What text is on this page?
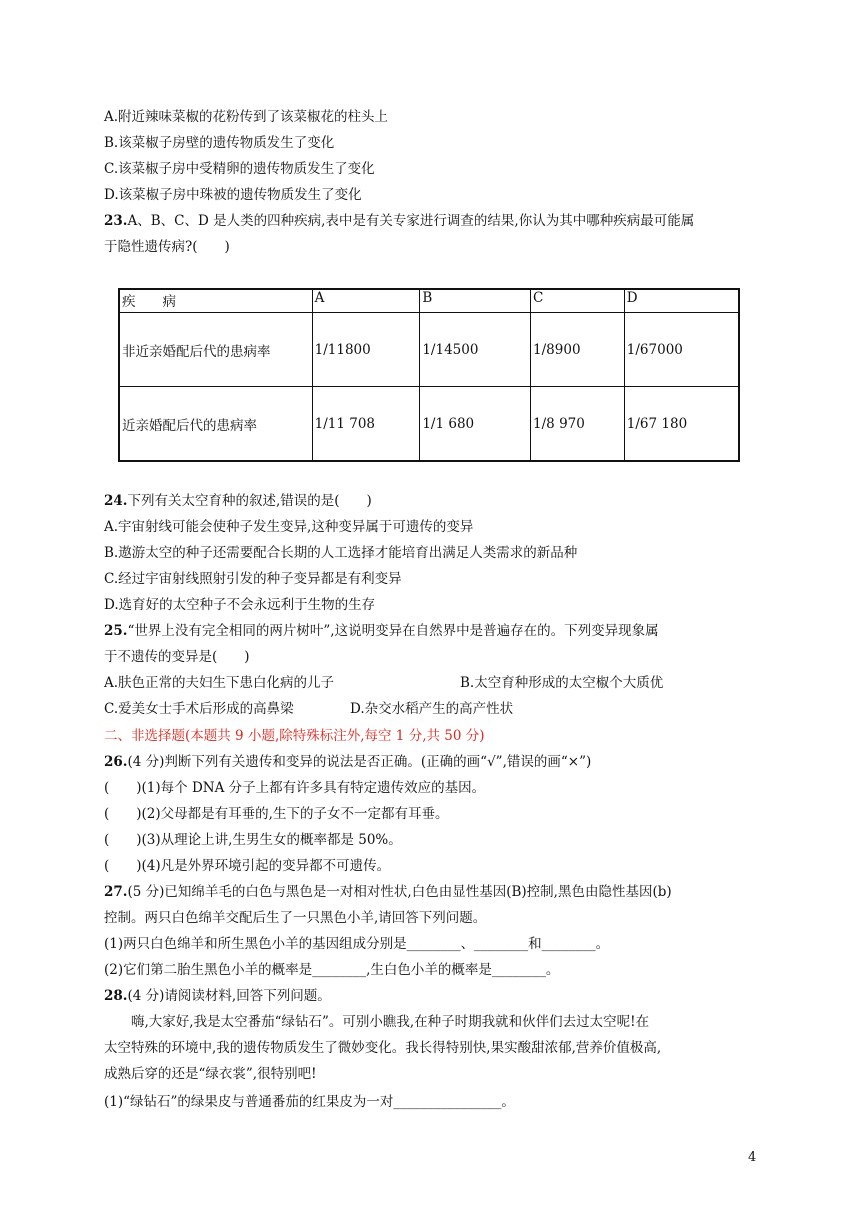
A.附近辣味菜椒的花粉传到了该菜椒花的柱头上
B.该菜椒子房壁的遗传物质发生了变化
C.该菜椒子房中受精卵的遗传物质发生了变化
D.该菜椒子房中珠被的遗传物质发生了变化
23.A、B、C、D 是人类的四种疾病,表中是有关专家进行调查的结果,你认为其中哪种疾病最可能属
于隐性遗传病?(　　)
疾　　病	A	B	C	D
非近亲婚配后代的患病率	1/11800	1/14500	1/8900	1/67000
近亲婚配后代的患病率	1/11 708	1/1 680	1/8 970	1/67 180
24.下列有关太空育种的叙述,错误的是(　　)
A.宇宙射线可能会使种子发生变异,这种变异属于可遗传的变异
B.遨游太空的种子还需要配合长期的人工选择才能培育出满足人类需求的新品种
C.经过宇宙射线照射引发的种子变异都是有利变异
D.选育好的太空种子不会永远利于生物的生存
25.“世界上没有完全相同的两片树叶”,这说明变异在自然界中是普遍存在的。下列变异现象属
于不遗传的变异是(　　)
A.肤色正常的夫妇生下患白化病的儿子	B.太空育种形成的太空椒个大质优
C.爱美女士手术后形成的高鼻梁	D.杂交水稻产生的高产性状
二、非选择题(本题共 9 小题,除特殊标注外,每空 1 分,共 50 分)
26.(4 分)判断下列有关遗传和变异的说法是否正确。(正确的画“√”,错误的画“×”)
(　　)(1)每个 DNA 分子上都有许多具有特定遗传效应的基因。
(　　)(2)父母都是有耳垂的,生下的子女不一定都有耳垂。
(　　)(3)从理论上讲,生男生女的概率都是 50%。
(　　)(4)凡是外界环境引起的变异都不可遗传。
27.(5 分)已知绵羊毛的白色与黑色是一对相对性状,白色由显性基因(B)控制,黑色由隐性基因(b)
控制。两只白色绵羊交配后生了一只黑色小羊,请回答下列问题。
(1)两只白色绵羊和所生黑色小羊的基因组成分别是________、________和________。
(2)它们第二胎生黑色小羊的概率是________,生白色小羊的概率是________。
28.(4 分)请阅读材料,回答下列问题。
　　嗨,大家好,我是太空番茄“绿钻石”。可别小瞧我,在种子时期我就和伙伴们去过太空呢!在
太空特殊的环境中,我的遗传物质发生了微妙变化。我长得特别快,果实酸甜浓郁,营养价值极高,
成熟后穿的还是“绿衣裳”,很特别吧!
(1)“绿钻石”的绿果皮与普通番茄的红果皮为一对________________。
4
